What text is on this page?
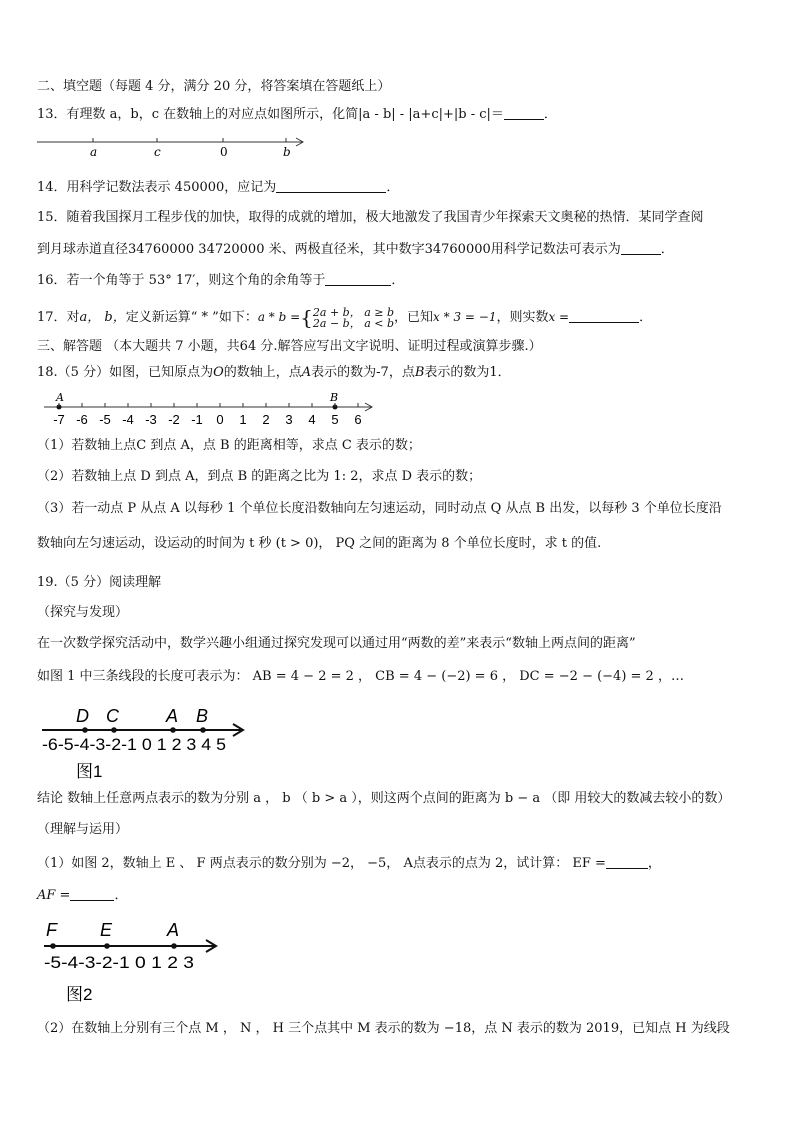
二、填空题（每题 4 分，满分 20 分，将答案填在答题纸上）
13．有理数 a，b，c 在数轴上的对应点如图所示，化简|a - b| - |a+c|+|b - c|＝	．
a	c	0	b
14．用科学记数法表示 450000，应记为	．
15．随着我国探月工程步伐的加快，取得的成就的增加，极大地激发了我国青少年探索天文奥秘的热情．某同学查阅
到月球赤道直径34760000 34720000 米、两极直径米，其中数字34760000用科学记数法可表示为	．
16．若一个角等于 53° 17′，则这个角的余角等于	．
17．对a， b，定义新运算“ * ”如下：a * b ={ 2a + b， a ≥ b
2a − b， a < b ，已知x * 3 = −1，则实数x =	．
三、解答题 （本大题共 7 小题，共64 分.解答应写出文字说明、证明过程或演算步骤.）
18.（5 分）如图，已知原点为O的数轴上，点A表示的数为-7，点B表示的数为1．
A	B
-7 -6 -5 -4 -3 -2 -1 0 1 2 3 4 5 6
（1）若数轴上点C 到点 A，点 B 的距离相等，求点 C 表示的数；
（2）若数轴上点 D 到点 A，到点 B 的距离之比为 1: 2，求点 D 表示的数；
（3）若一动点 P 从点 A 以每秒 1 个单位长度沿数轴向左匀速运动，同时动点 Q 从点 B 出发，以每秒 3 个单位长度沿
数轴向左匀速运动，设运动的时间为 t 秒 (t > 0)， PQ 之间的距离为 8 个单位长度时，求 t 的值.
19.（5 分）阅读理解
（探究与发现）
在一次数学探究活动中，数学兴趣小组通过探究发现可以通过用“两数的差”来表示“数轴上两点间的距离”
如图 1 中三条线段的长度可表示为： AB = 4 − 2 = 2 ， CB = 4 − (−2) = 6 ， DC = −2 − (−4) = 2 ，…
D C	A B
-6-5-4-3-2-1 0 1 2 3 4 5
图1
结论 数轴上任意两点表示的数为分别 a ， b （ b > a ），则这两个点间的距离为 b − a （即 用较大的数减去较小的数）
（理解与运用）
（1）如图 2，数轴上 E 、 F 两点表示的数分别为 −2， −5， A点表示的点为 2，试计算： EF =	，
AF =	．
F E	A
-5-4-3-2-1 0 1 2 3
图2
（2）在数轴上分别有三个点 M ， N ， H 三个点其中 M 表示的数为 −18，点 N 表示的数为 2019，已知点 H 为线段
